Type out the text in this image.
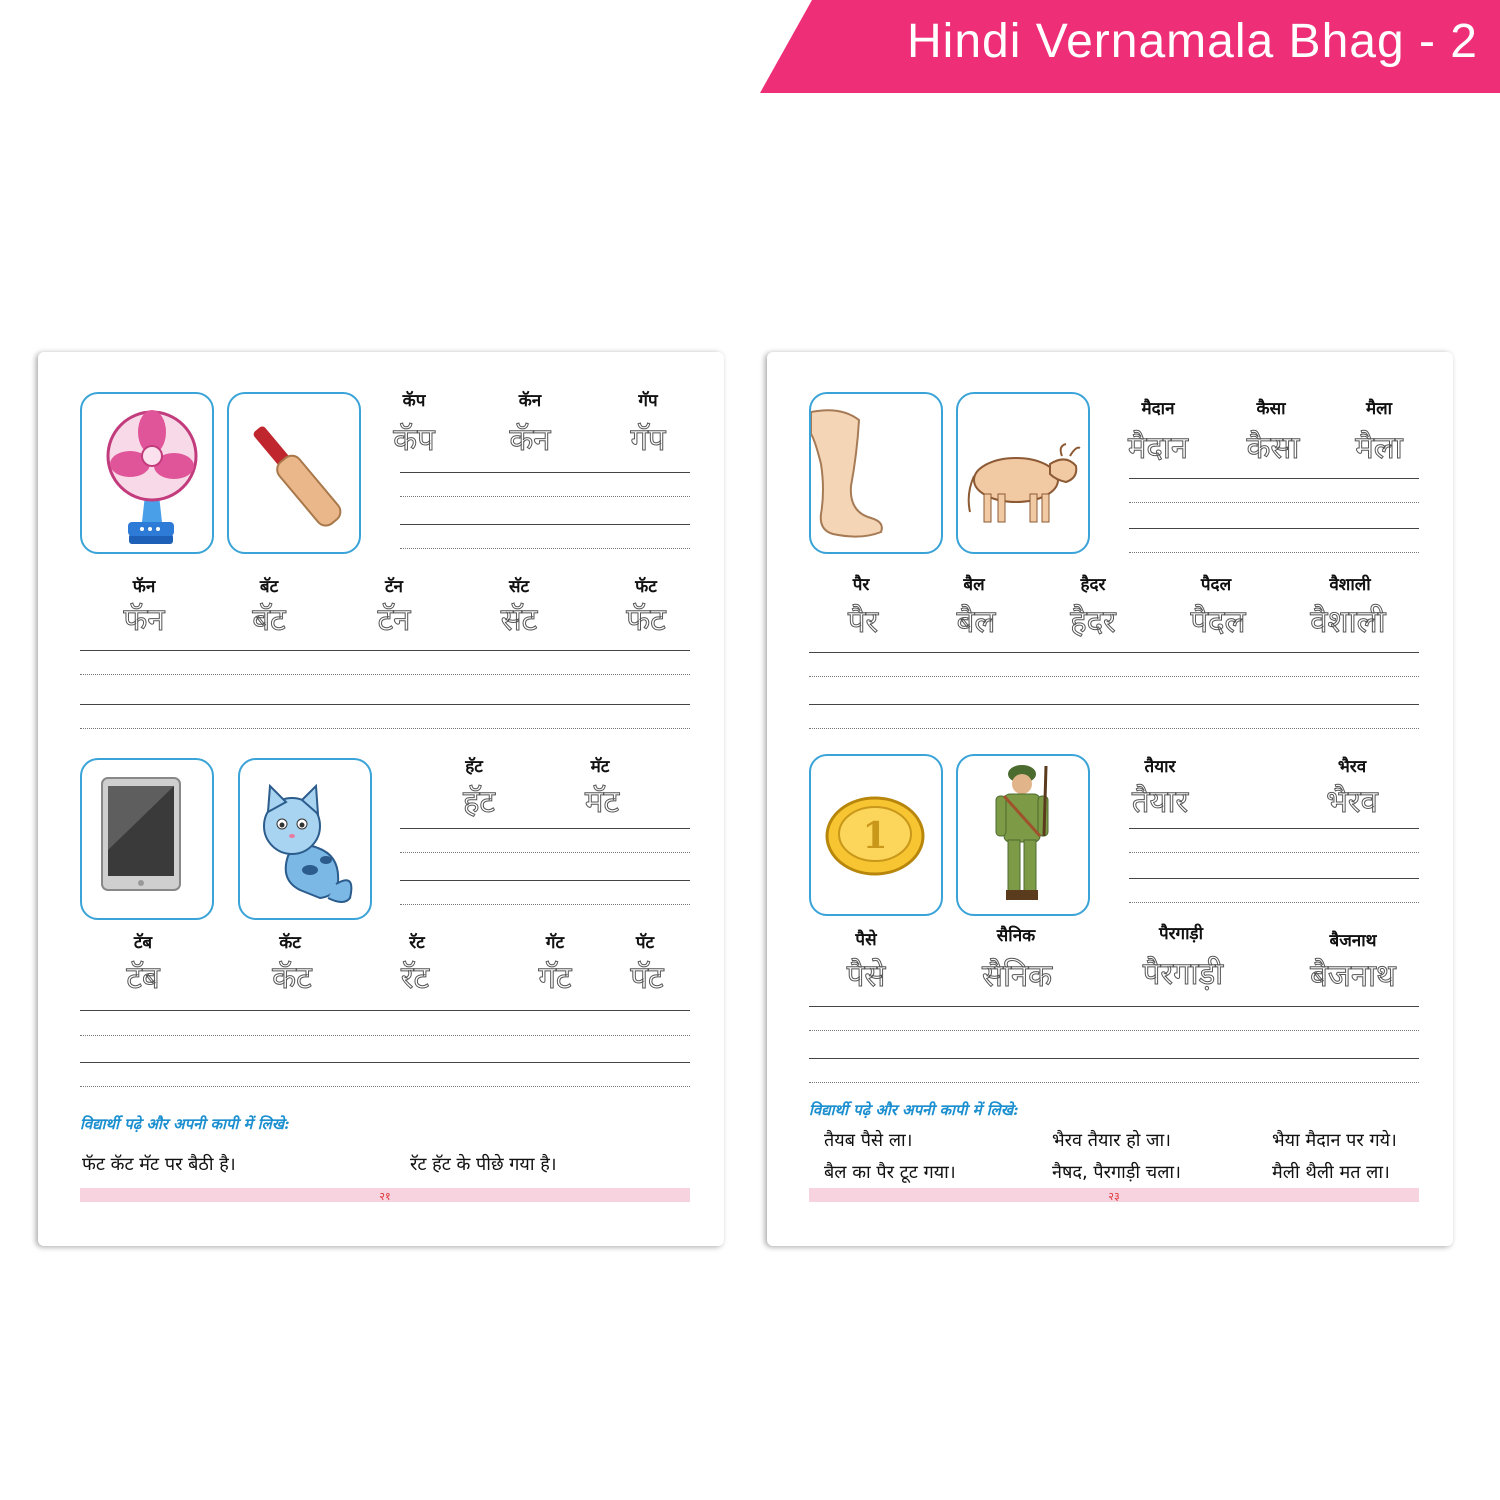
Hindi Vernamala Bhag - 2
कॅप	कॅन	गॅप
कॅप कॅन	गॅप
फॅन	बॅट	टॅन	सॅट	फॅट
फॅन	बॅट	टॅन	सॅट	फॅट
हॅट	मॅट
हॅट	मॅट
टॅब	कॅट	रॅट	गॅट	पॅट
टॅब	कॅट	रॅट	गॅट पॅट
विद्यार्थी पढ़े और अपनी कापी में लिखे:
फॅट कॅट मॅट पर बैठी है।	रॅट हॅट के पीछे गया है।
२१
मैदान	कैसा	मैला
मैदान कैसा मैला
पैर	बैल	हैदर	पैदल	वैशाली
पैर	बैल हैदर पैदल वैशाली
1
तैयार	भैरव
तैयार	भैरव
पैसे	सैनिक	पैरगाड़ी	बैजनाथ
पैसे	सैनिक	पैरगाड़ी	बैजनाथ
विद्यार्थी पढ़े और अपनी कापी में लिखे:
तैयब पैसे ला।	भैरव तैयार हो जा।	भैया मैदान पर गये।
बैल का पैर टूट गया।	नैषद, पैरगाड़ी चला।	मैली थैली मत ला।
२३
